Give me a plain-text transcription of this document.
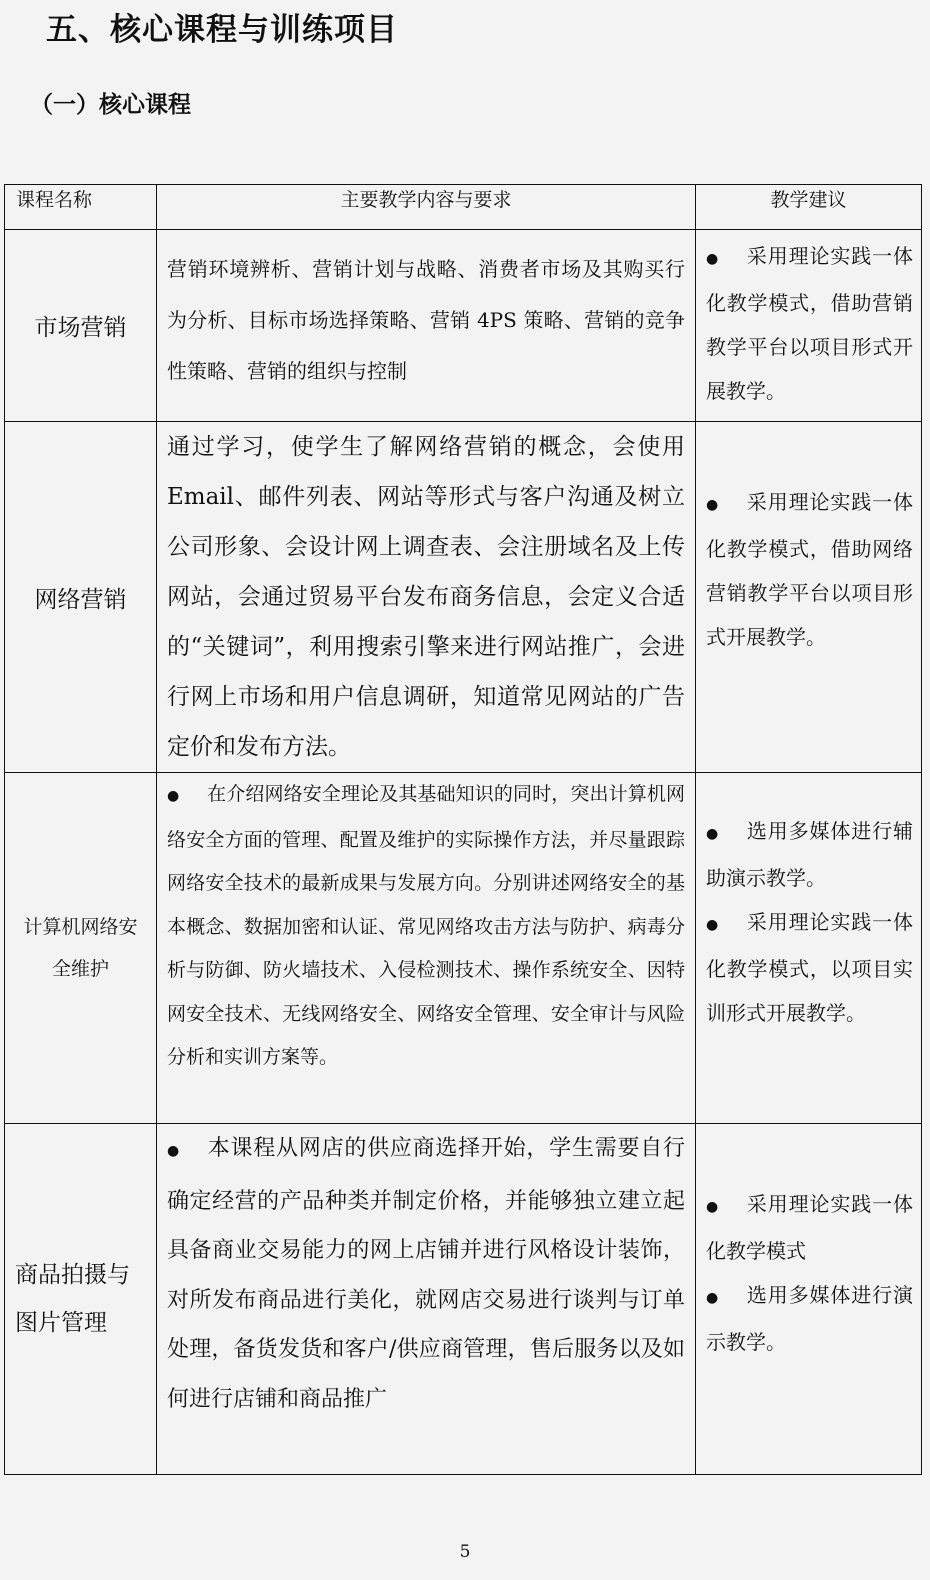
五、核心课程与训练项目
（一）核心课程
课程名称	主要教学内容与要求	教学建议
市场营销	营销环境辨析、营销计划与战略、消费者市场及其购买行为分析、目标市场选择策略、营销 4PS 策略、营销的竞争性策略、营销的组织与控制	● 采用理论实践一体化教学模式，借助营销教学平台以项目形式开展教学。

网络营销	通过学习，使学生了解网络营销的概念，会使用 Email、邮件列表、网站等形式与客户沟通及树立公司形象、会设计网上调查表、会注册域名及上传网站，会通过贸易平台发布商务信息，会定义合适的“关键词”，利用搜索引擎来进行网站推广，会进行网上市场和用户信息调研，知道常见网站的广告定价和发布方法。	● 采用理论实践一体化教学模式，借助网络营销教学平台以项目形式开展教学。

计算机网络安全维护	● 在介绍网络安全理论及其基础知识的同时，突出计算机网络安全方面的管理、配置及维护的实际操作方法，并尽量跟踪网络安全技术的最新成果与发展方向。分别讲述网络安全的基本概念、数据加密和认证、常见网络攻击方法与防护、病毒分析与防御、防火墙技术、入侵检测技术、操作系统安全、因特网安全技术、无线网络安全、网络安全管理、安全审计与风险分析和实训方案等。	● 选用多媒体进行辅助演示教学。

● 采用理论实践一体化教学模式，以项目实训形式开展教学。

商品拍摄与图片管理	● 本课程从网店的供应商选择开始，学生需要自行确定经营的产品种类并制定价格，并能够独立建立起具备商业交易能力的网上店铺并进行风格设计装饰，对所发布商品进行美化，就网店交易进行谈判与订单处理，备货发货和客户/供应商管理，售后服务以及如何进行店铺和商品推广	● 采用理论实践一体化教学模式

● 选用多媒体进行演示教学。

5
